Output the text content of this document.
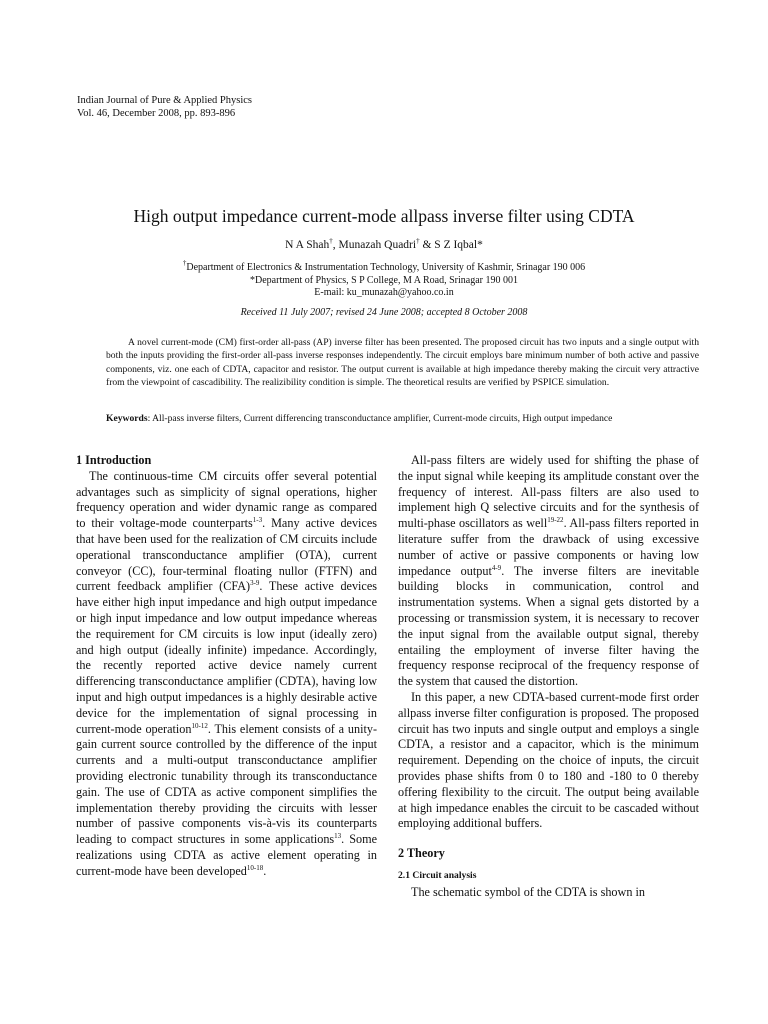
Indian Journal of Pure & Applied Physics
Vol. 46, December 2008, pp. 893-896
High output impedance current-mode allpass inverse filter using CDTA
N A Shah†, Munazah Quadri† & S Z Iqbal*
†Department of Electronics & Instrumentation Technology, University of Kashmir, Srinagar 190 006
*Department of Physics, S P College, M A Road, Srinagar 190 001
E-mail: ku_munazah@yahoo.co.in
Received 11 July 2007; revised 24 June 2008; accepted 8 October 2008

A novel current-mode (CM) first-order all-pass (AP) inverse filter has been presented. The proposed circuit has two inputs and a single output with both the inputs providing the first-order all-pass inverse responses independently. The circuit employs bare minimum number of both active and passive components, viz. one each of CDTA, capacitor and resistor. The output current is available at high impedance thereby making the circuit very attractive from the viewpoint of cascadibility. The realizibility condition is simple. The theoretical results are verified by PSPICE simulation.

Keywords: All-pass inverse filters, Current differencing transconductance amplifier, Current-mode circuits, High output impedance

1 Introduction

The continuous-time CM circuits offer several potential advantages such as simplicity of signal operations, higher frequency operation and wider dynamic range as compared to their voltage-mode counterparts$^{1-3}$. Many active devices that have been used for the realization of CM circuits include operational transconductance amplifier (OTA), current conveyor (CC), four-terminal floating nullor (FTFN) and current feedback amplifier (CFA)$^{3-9}$. These active devices have either high input impedance and high output impedance or high input impedance and low output impedance whereas the requirement for CM circuits is low input (ideally zero) and high output (ideally infinite) impedance. Accordingly, the recently reported active device namely current differencing transconductance amplifier (CDTA), having low input and high output impedances is a highly desirable active device for the implementation of signal processing in current-mode operation$^{10-12}$. This element consists of a unity-gain current source controlled by the difference of the input currents and a multi-output transconductance amplifier providing electronic tunability through its transconductance gain. The use of CDTA as active component simplifies the implementation thereby providing the circuits with lesser number of passive components vis-à-vis its counterparts leading to compact structures in some applications$^{13}$. Some realizations using CDTA as active element operating in current-mode have been developed$^{10-18}$.

All-pass filters are widely used for shifting the phase of the input signal while keeping its amplitude constant over the frequency of interest. All-pass filters are also used to implement high Q selective circuits and for the synthesis of multi-phase oscillators as well$^{19-22}$. All-pass filters reported in literature suffer from the drawback of using excessive number of active or passive components or having low impedance output$^{4-9}$. The inverse filters are inevitable building blocks in communication, control and instrumentation systems. When a signal gets distorted by a processing or transmission system, it is necessary to recover the input signal from the available output signal, thereby entailing the employment of inverse filter having the frequency response reciprocal of the frequency response of the system that caused the distortion.

In this paper, a new CDTA-based current-mode first order allpass inverse filter configuration is proposed. The proposed circuit has two inputs and single output and employs a single CDTA, a resistor and a capacitor, which is the minimum requirement. Depending on the choice of inputs, the circuit provides phase shifts from 0 to 180 and -180 to 0 thereby offering flexibility to the circuit. The output being available at high impedance enables the circuit to be cascaded without employing additional buffers.

2 Theory
2.1 Circuit analysis

The schematic symbol of the CDTA is shown in
